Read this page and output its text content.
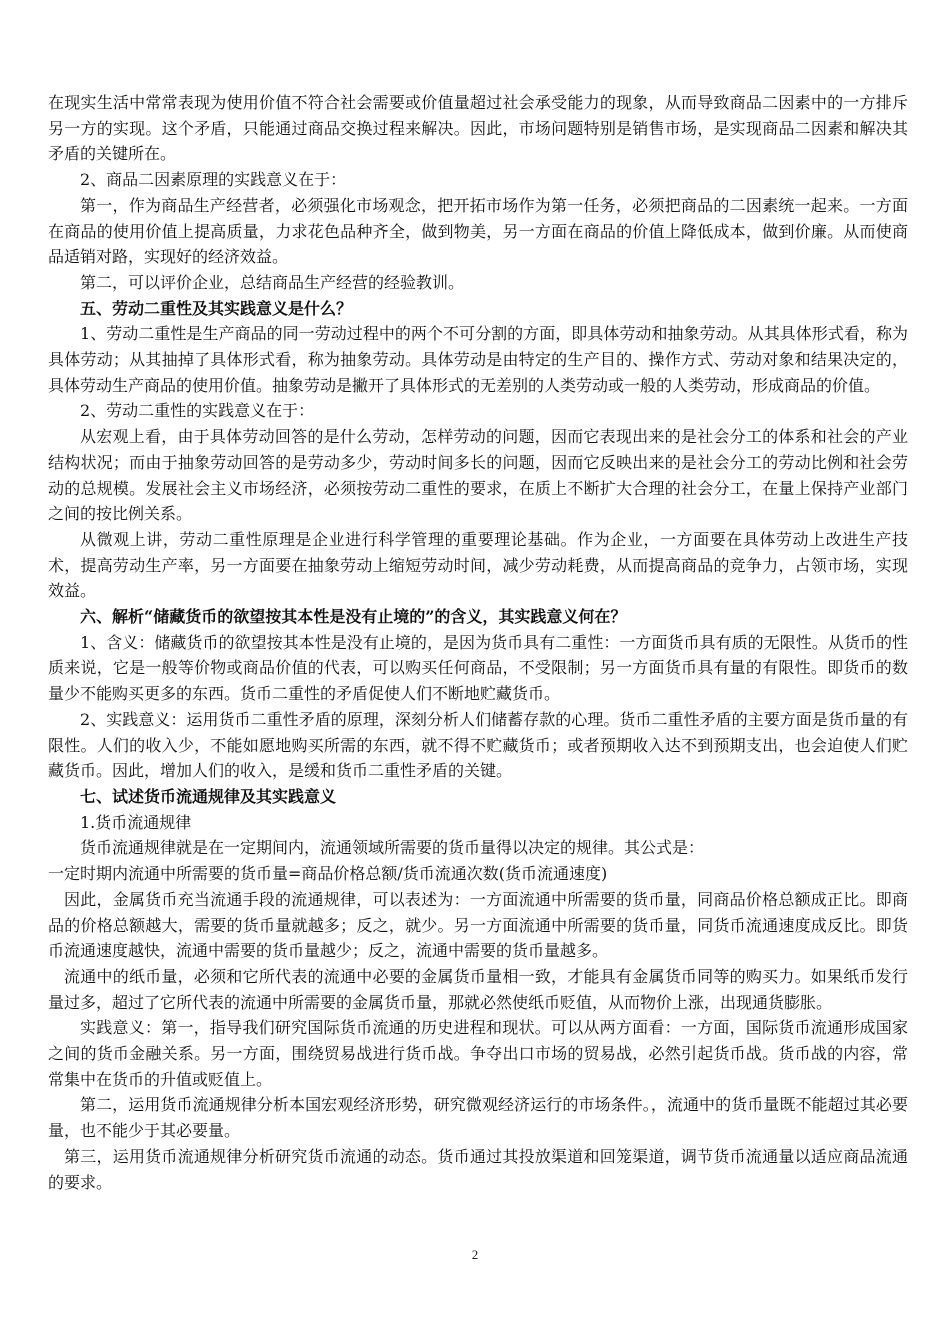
在现实生活中常常表现为使用价值不符合社会需要或价值量超过社会承受能力的现象，从而导致商品二因素中的一方排斥另一方的实现。这个矛盾，只能通过商品交换过程来解决。因此，市场问题特别是销售市场，是实现商品二因素和解决其矛盾的关键所在。

2、商品二因素原理的实践意义在于：

第一，作为商品生产经营者，必须强化市场观念，把开拓市场作为第一任务，必须把商品的二因素统一起来。一方面在商品的使用价值上提高质量，力求花色品种齐全，做到物美，另一方面在商品的价值上降低成本，做到价廉。从而使商品适销对路，实现好的经济效益。

第二，可以评价企业，总结商品生产经营的经验教训。

五、劳动二重性及其实践意义是什么？

1、劳动二重性是生产商品的同一劳动过程中的两个不可分割的方面，即具体劳动和抽象劳动。从其具体形式看，称为具体劳动；从其抽掉了具体形式看，称为抽象劳动。具体劳动是由特定的生产目的、操作方式、劳动对象和结果决定的，具体劳动生产商品的使用价值。抽象劳动是撇开了具体形式的无差别的人类劳动或一般的人类劳动，形成商品的价值。

2、劳动二重性的实践意义在于：

从宏观上看，由于具体劳动回答的是什么劳动，怎样劳动的问题，因而它表现出来的是社会分工的体系和社会的产业结构状况；而由于抽象劳动回答的是劳动多少，劳动时间多长的问题，因而它反映出来的是社会分工的劳动比例和社会劳动的总规模。发展社会主义市场经济，必须按劳动二重性的要求，在质上不断扩大合理的社会分工，在量上保持产业部门之间的按比例关系。

从微观上讲，劳动二重性原理是企业进行科学管理的重要理论基础。作为企业，一方面要在具体劳动上改进生产技术，提高劳动生产率，另一方面要在抽象劳动上缩短劳动时间，减少劳动耗费，从而提高商品的竞争力，占领市场，实现效益。

六、解析“储藏货币的欲望按其本性是没有止境的”的含义，其实践意义何在？

1、含义：储藏货币的欲望按其本性是没有止境的，是因为货币具有二重性：一方面货币具有质的无限性。从货币的性质来说，它是一般等价物或商品价值的代表，可以购买任何商品，不受限制；另一方面货币具有量的有限性。即货币的数量少不能购买更多的东西。货币二重性的矛盾促使人们不断地贮藏货币。

2、实践意义：运用货币二重性矛盾的原理，深刻分析人们储蓄存款的心理。货币二重性矛盾的主要方面是货币量的有限性。人们的收入少，不能如愿地购买所需的东西，就不得不贮藏货币；或者预期收入达不到预期支出，也会迫使人们贮藏货币。因此，增加人们的收入，是缓和货币二重性矛盾的关键。

七、试述货币流通规律及其实践意义

1.货币流通规律

货币流通规律就是在一定期间内，流通领域所需要的货币量得以决定的规律。其公式是：

一定时期内流通中所需要的货币量=商品价格总额/货币流通次数(货币流通速度)

因此，金属货币充当流通手段的流通规律，可以表述为：一方面流通中所需要的货币量，同商品价格总额成正比。即商品的价格总额越大，需要的货币量就越多；反之，就少。另一方面流通中所需要的货币量，同货币流通速度成反比。即货币流通速度越快，流通中需要的货币量越少；反之，流通中需要的货币量越多。

流通中的纸币量，必须和它所代表的流通中必要的金属货币量相一致，才能具有金属货币同等的购买力。如果纸币发行量过多，超过了它所代表的流通中所需要的金属货币量，那就必然使纸币贬值，从而物价上涨，出现通货膨胀。

实践意义：第一，指导我们研究国际货币流通的历史进程和现状。可以从两方面看：一方面，国际货币流通形成国家之间的货币金融关系。另一方面，围绕贸易战进行货币战。争夺出口市场的贸易战，必然引起货币战。货币战的内容，常常集中在货币的升值或贬值上。

第二，运用货币流通规律分析本国宏观经济形势，研究微观经济运行的市场条件。，流通中的货币量既不能超过其必要量，也不能少于其必要量。

第三，运用货币流通规律分析研究货币流通的动态。货币通过其投放渠道和回笼渠道，调节货币流通量以适应商品流通的要求。

2
